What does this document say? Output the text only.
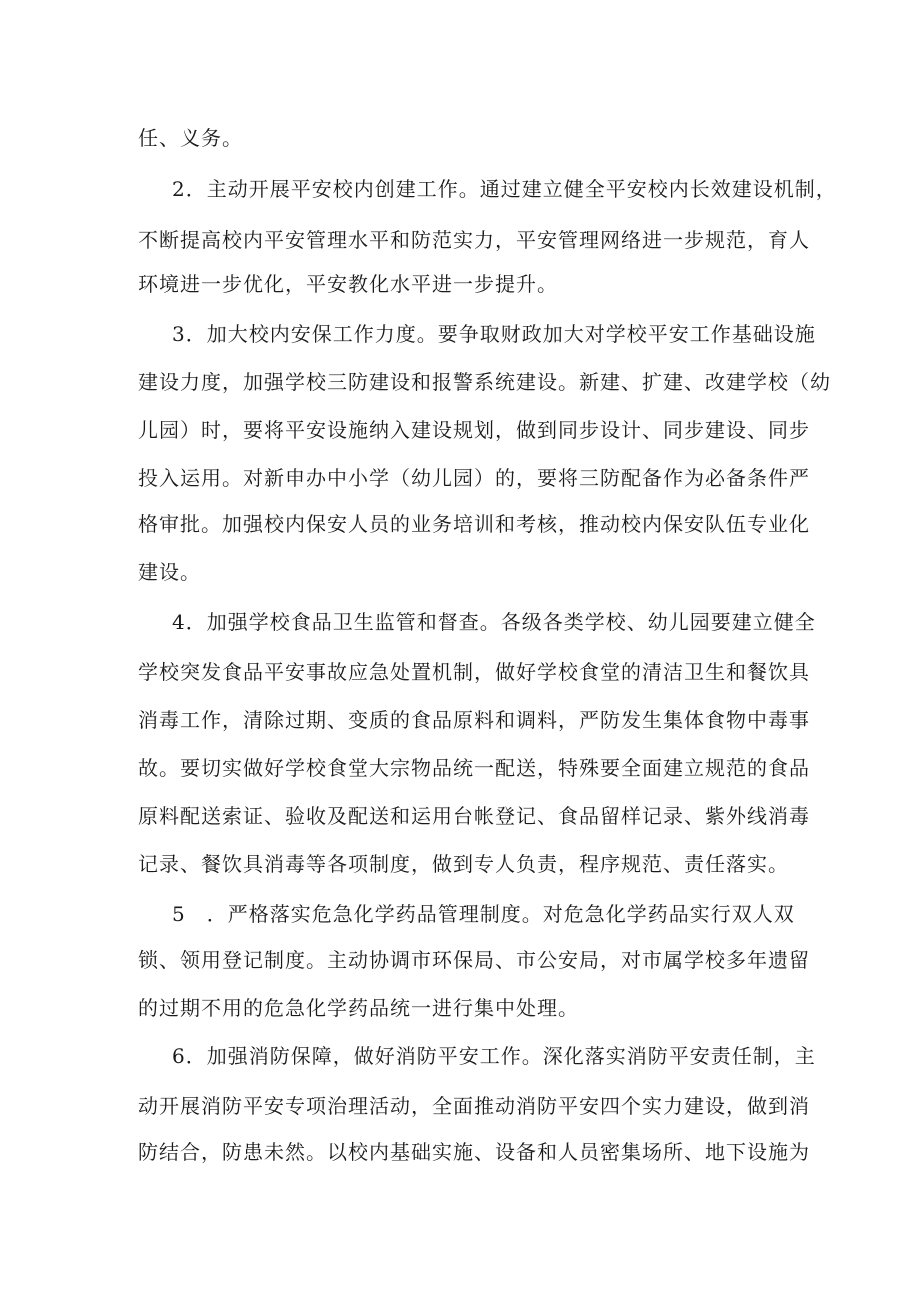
任、义务。
2．主动开展平安校内创建工作。通过建立健全平安校内长效建设机制，
不断提高校内平安管理水平和防范实力，平安管理网络进一步规范，育人
环境进一步优化，平安教化水平进一步提升。
3．加大校内安保工作力度。要争取财政加大对学校平安工作基础设施
建设力度，加强学校三防建设和报警系统建设。新建、扩建、改建学校（幼
儿园）时，要将平安设施纳入建设规划，做到同步设计、同步建设、同步
投入运用。对新申办中小学（幼儿园）的，要将三防配备作为必备条件严
格审批。加强校内保安人员的业务培训和考核，推动校内保安队伍专业化
建设。
4．加强学校食品卫生监管和督查。各级各类学校、幼儿园要建立健全
学校突发食品平安事故应急处置机制，做好学校食堂的清洁卫生和餐饮具
消毒工作，清除过期、变质的食品原料和调料，严防发生集体食物中毒事
故。要切实做好学校食堂大宗物品统一配送，特殊要全面建立规范的食品
原料配送索证、验收及配送和运用台帐登记、食品留样记录、紫外线消毒
记录、餐饮具消毒等各项制度，做到专人负责，程序规范、责任落实。
5　．严格落实危急化学药品管理制度。对危急化学药品实行双人双
锁、领用登记制度。主动协调市环保局、市公安局，对市属学校多年遗留
的过期不用的危急化学药品统一进行集中处理。
6．加强消防保障，做好消防平安工作。深化落实消防平安责任制，主
动开展消防平安专项治理活动，全面推动消防平安四个实力建设，做到消
防结合，防患未然。以校内基础实施、设备和人员密集场所、地下设施为
